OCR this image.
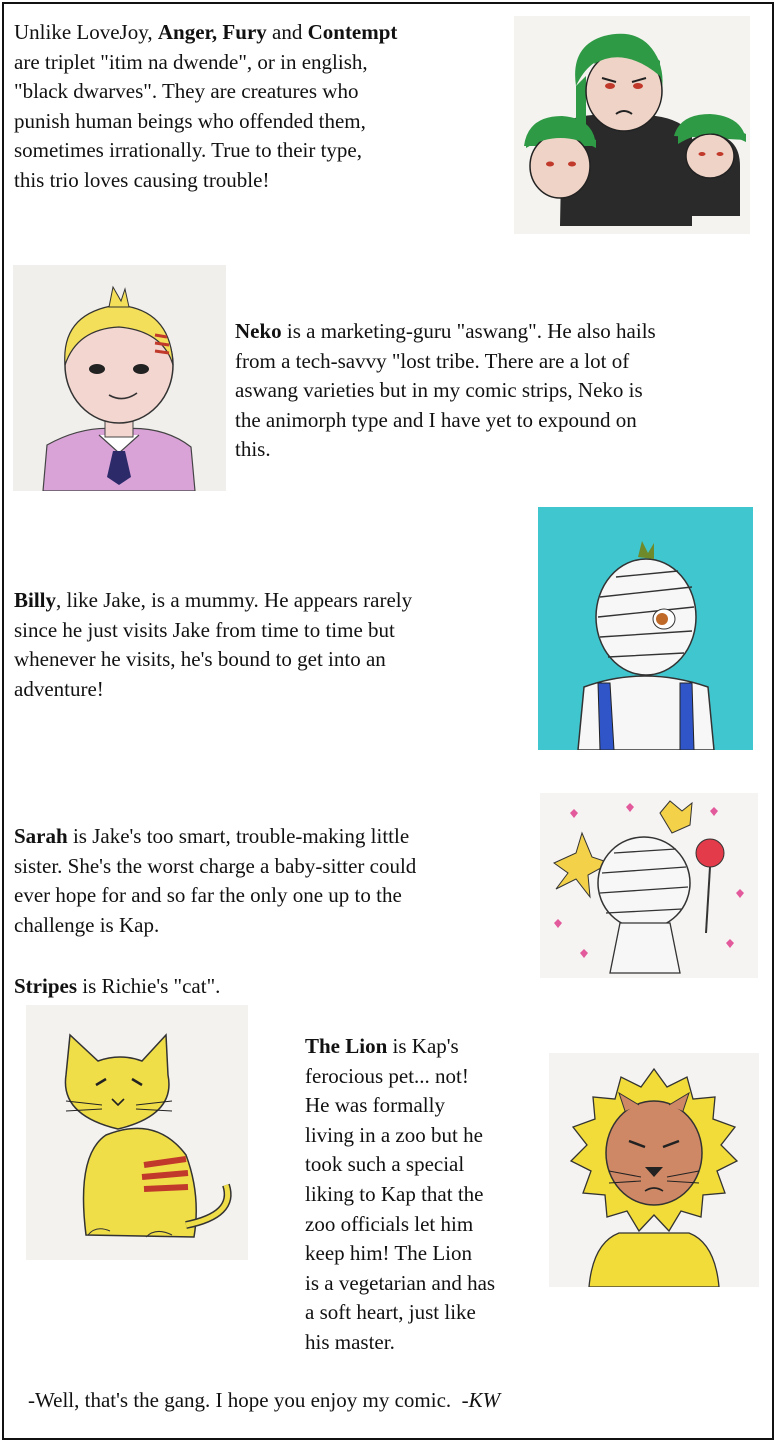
Unlike LoveJoy, Anger, Fury and Contempt
are triplet "itim na dwende", or in english,
"black dwarves". They are creatures who
punish human beings who offended them,
sometimes irrationally. True to their type,
this trio loves causing trouble!
Neko is a marketing-guru "aswang". He also hails
from a tech-savvy "lost tribe. There are a lot of
aswang varieties but in my comic strips, Neko is
the animorph type and I have yet to expound on
this.
Billy, like Jake, is a mummy. He appears rarely
since he just visits Jake from time to time but
whenever he visits, he's bound to get into an
adventure!
Sarah is Jake's too smart, trouble-making little
sister. She's the worst charge a baby-sitter could
ever hope for and so far the only one up to the
challenge is Kap.
Stripes is Richie's "cat".
The Lion is Kap's
ferocious pet... not!
He was formally
living in a zoo but he
took such a special
liking to Kap that the
zoo officials let him
keep him! The Lion
is a vegetarian and has
a soft heart, just like
his master.
-Well, that's the gang. I hope you enjoy my comic.  -KW
